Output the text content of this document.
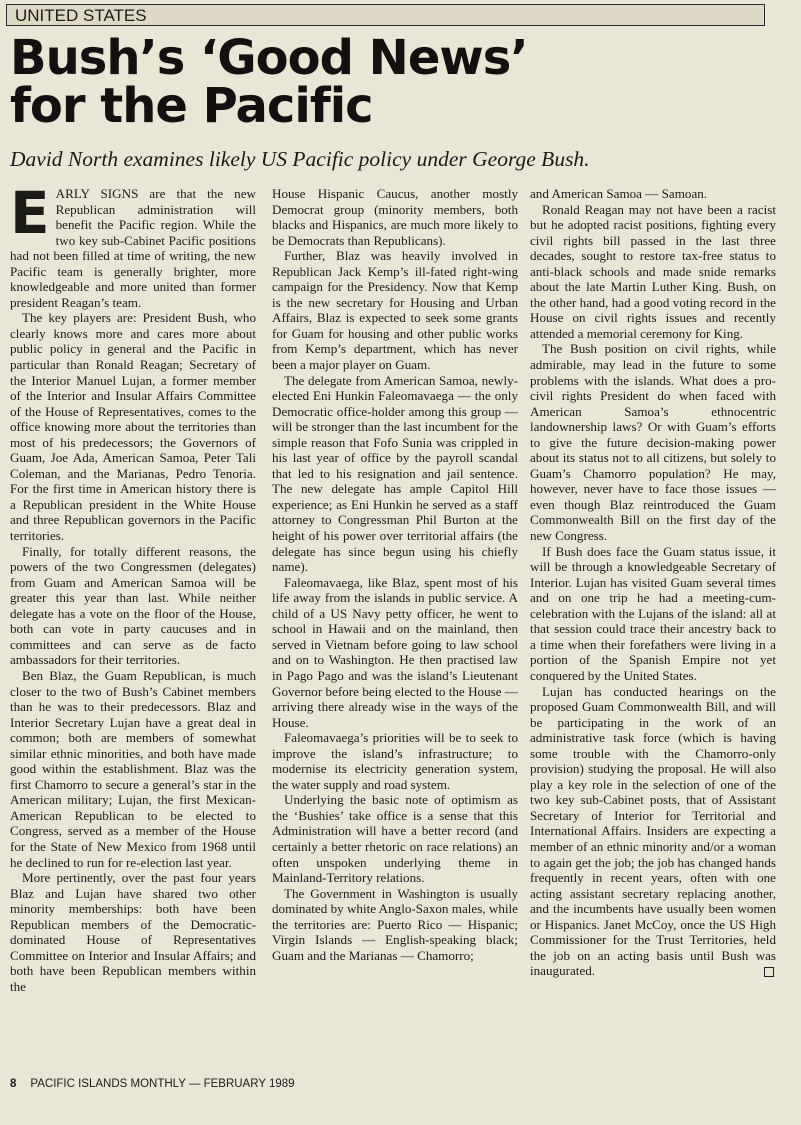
UNITED STATES
Bush’s ‘Good News’
for the Pacific

David North examines likely US Pacific policy under George Bush.

E ARLY SIGNS are that the new Republican administration will benefit the Pacific region. While the two key sub-Cabinet Pacific positions had not been filled at time of writing, the new Pacific team is generally brighter, more knowledgeable and more united than former president Reagan’s team.

The key players are: President Bush, who clearly knows more and cares more about public policy in general and the Pacific in particular than Ronald Reagan; Secretary of the Interior Manuel Lujan, a former member of the Interior and Insular Affairs Committee of the House of Representatives, comes to the office knowing more about the territories than most of his predecessors; the Governors of Guam, Joe Ada, American Samoa, Peter Tali Coleman, and the Marianas, Pedro Tenoria. For the first time in American history there is a Republican president in the White House and three Republican governors in the Pacific territories.

Finally, for totally different reasons, the powers of the two Congressmen (delegates) from Guam and American Samoa will be greater this year than last. While neither delegate has a vote on the floor of the House, both can vote in party caucuses and in committees and can serve as de facto ambassadors for their territories.

Ben Blaz, the Guam Republican, is much closer to the two of Bush’s Cabinet members than he was to their predecessors. Blaz and Interior Secretary Lujan have a great deal in common; both are members of somewhat similar ethnic minorities, and both have made good within the establishment. Blaz was the first Chamorro to secure a general’s star in the American military; Lujan, the first Mexican-American Republican to be elected to Congress, served as a member of the House for the State of New Mexico from 1968 until he declined to run for re-election last year.

More pertinently, over the past four years Blaz and Lujan have shared two other minority memberships: both have been Republican members of the Democratic-dominated House of Representatives Committee on Interior and Insular Affairs; and both have been Republican members within the

House Hispanic Caucus, another mostly Democrat group (minority members, both blacks and Hispanics, are much more likely to be Democrats than Republicans).

Further, Blaz was heavily involved in Republican Jack Kemp’s ill-fated right-wing campaign for the Presidency. Now that Kemp is the new secretary for Housing and Urban Affairs, Blaz is expected to seek some grants for Guam for housing and other public works from Kemp’s department, which has never been a major player on Guam.

The delegate from American Samoa, newly-elected Eni Hunkin Faleomavaega — the only Democratic office-holder among this group — will be stronger than the last incumbent for the simple reason that Fofo Sunia was crippled in his last year of office by the payroll scandal that led to his resignation and jail sentence. The new delegate has ample Capitol Hill experience; as Eni Hunkin he served as a staff attorney to Congressman Phil Burton at the height of his power over territorial affairs (the delegate has since begun using his chiefly name).

Faleomavaega, like Blaz, spent most of his life away from the islands in public service. A child of a US Navy petty officer, he went to school in Hawaii and on the mainland, then served in Vietnam before going to law school and on to Washington. He then practised law in Pago Pago and was the island’s Lieutenant Governor before being elected to the House — arriving there already wise in the ways of the House.

Faleomavaega’s priorities will be to seek to improve the island’s infrastructure; to modernise its electricity generation system, the water supply and road system.

Underlying the basic note of optimism as the ‘Bushies’ take office is a sense that this Administration will have a better record (and certainly a better rhetoric on race relations) an often unspoken underlying theme in Mainland-Territory relations.

The Government in Washington is usually dominated by white Anglo-Saxon males, while the territories are: Puerto Rico — Hispanic; Virgin Islands — English-speaking black; Guam and the Marianas — Chamorro;

and American Samoa — Samoan.

Ronald Reagan may not have been a racist but he adopted racist positions, fighting every civil rights bill passed in the last three decades, sought to restore tax-free status to anti-black schools and made snide remarks about the late Martin Luther King. Bush, on the other hand, had a good voting record in the House on civil rights issues and recently attended a memorial ceremony for King.

The Bush position on civil rights, while admirable, may lead in the future to some problems with the islands. What does a pro-civil rights President do when faced with American Samoa’s ethnocentric landownership laws? Or with Guam’s efforts to give the future decision-making power about its status not to all citizens, but solely to Guam’s Chamorro population? He may, however, never have to face those issues — even though Blaz reintroduced the Guam Commonwealth Bill on the first day of the new Congress.

If Bush does face the Guam status issue, it will be through a knowledgeable Secretary of Interior. Lujan has visited Guam several times and on one trip he had a meeting-cum-celebration with the Lujans of the island: all at that session could trace their ancestry back to a time when their forefathers were living in a portion of the Spanish Empire not yet conquered by the United States.

Lujan has conducted hearings on the proposed Guam Commonwealth Bill, and will be participating in the work of an administrative task force (which is having some trouble with the Chamorro-only provision) studying the proposal. He will also play a key role in the selection of one of the two key sub-Cabinet posts, that of Assistant Secretary of Interior for Territorial and International Affairs. Insiders are expecting a member of an ethnic minority and/or a woman to again get the job; the job has changed hands frequently in recent years, often with one acting assistant secretary replacing another, and the incumbents have usually been women or Hispanics. Janet McCoy, once the US High Commissioner for the Trust Territories, held the job on an acting basis until Bush was inaugurated.

8 PACIFIC ISLANDS MONTHLY — FEBRUARY 1989
